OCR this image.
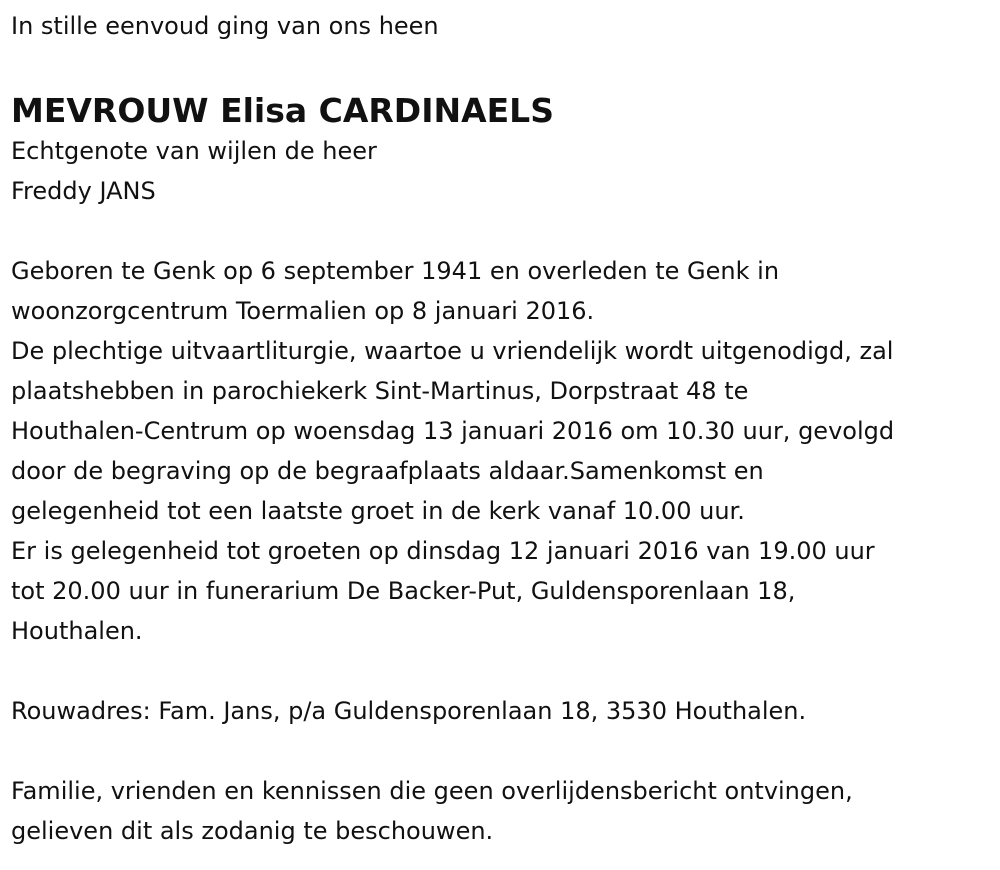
In stille eenvoud ging van ons heen

MEVROUW Elisa CARDINAELS

Echtgenote van wijlen de heer

Freddy JANS

Geboren te Genk op 6 september 1941 en overleden te Genk in

woonzorgcentrum Toermalien op 8 januari 2016.

De plechtige uitvaartliturgie, waartoe u vriendelijk wordt uitgenodigd, zal

plaatshebben in parochiekerk Sint-Martinus, Dorpstraat 48 te

Houthalen-Centrum op woensdag 13 januari 2016 om 10.30 uur, gevolgd

door de begraving op de begraafplaats aldaar.Samenkomst en

gelegenheid tot een laatste groet in de kerk vanaf 10.00 uur.

Er is gelegenheid tot groeten op dinsdag 12 januari 2016 van 19.00 uur

tot 20.00 uur in funerarium De Backer-Put, Guldensporenlaan 18,

Houthalen.

Rouwadres: Fam. Jans, p/a Guldensporenlaan 18, 3530 Houthalen.

Familie, vrienden en kennissen die geen overlijdensbericht ontvingen,

gelieven dit als zodanig te beschouwen.
